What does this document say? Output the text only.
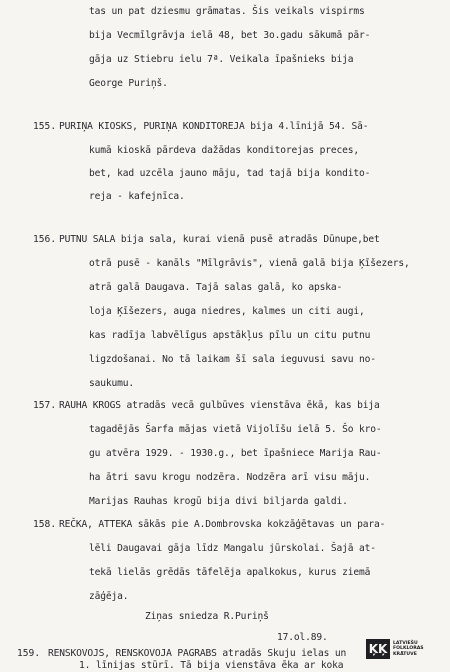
tas un pat dziesmu grāmatas. Šis veikals vispirms
bija Vecmīlgrāvja ielā 48, bet 3o.gadu sākumā pār-
gāja uz Stiebru ielu 7ª. Veikala īpašnieks bija
George Puriņš.
155. PURIŅA KIOSKS, PURIŅA KONDITOREJA bija 4.līnijā 54. Sā-
kumā kioskā pārdeva dažādas konditorejas preces,
bet, kad uzcēla jauno māju, tad tajā bija kondito-
reja - kafejnīca.
156. PUTNU SALA bija sala, kurai vienā pusē atradās Dūnupe,bet
otrā pusē - kanāls "Mīlgrāvis", vienā galā bija Ķīšezers,
atrā galā Daugava. Tajā salas galā, ko apska-
loja Ķīšezers, auga niedres, kalmes un citi augi,
kas radīja labvēlīgus apstākļus pīlu un citu putnu
ligzdošanai. No tā laikam šī sala ieguvusi savu no-
saukumu.
157. RAUHA KROGS atradās vecā gulbūves vienstāva ēkā, kas bija
tagadējās Šarfa mājas vietā Vijolīšu ielā 5. Šo kro-
gu atvēra 1929. - 1930.g., bet īpašniece Marija Rau-
ha ātri savu krogu nodzēra. Nodzēra arī visu māju.
Marijas Rauhas krogū bija divi biljarda galdi.
158. REČKA, ATTEKA sākās pie A.Dombrovska kokzāģētavas un para-
lēli Daugavai gāja līdz Mangalu jūrskolai. Šajā at-
tekā lielās grēdās tāfelēja apalkokus, kurus ziemā
zāģēja.
Ziņas sniedza R.Puriņš
17.ol.89.
159. RENSKOVOJS, RENSKOVOJA PAGRABS atradās Skuju ielas un
1. līnijas stūrī. Tā bija vienstāva ēka ar koka
ĶĶ	LATVIEŠU
FOLKLORAS
KRĀTUVE
